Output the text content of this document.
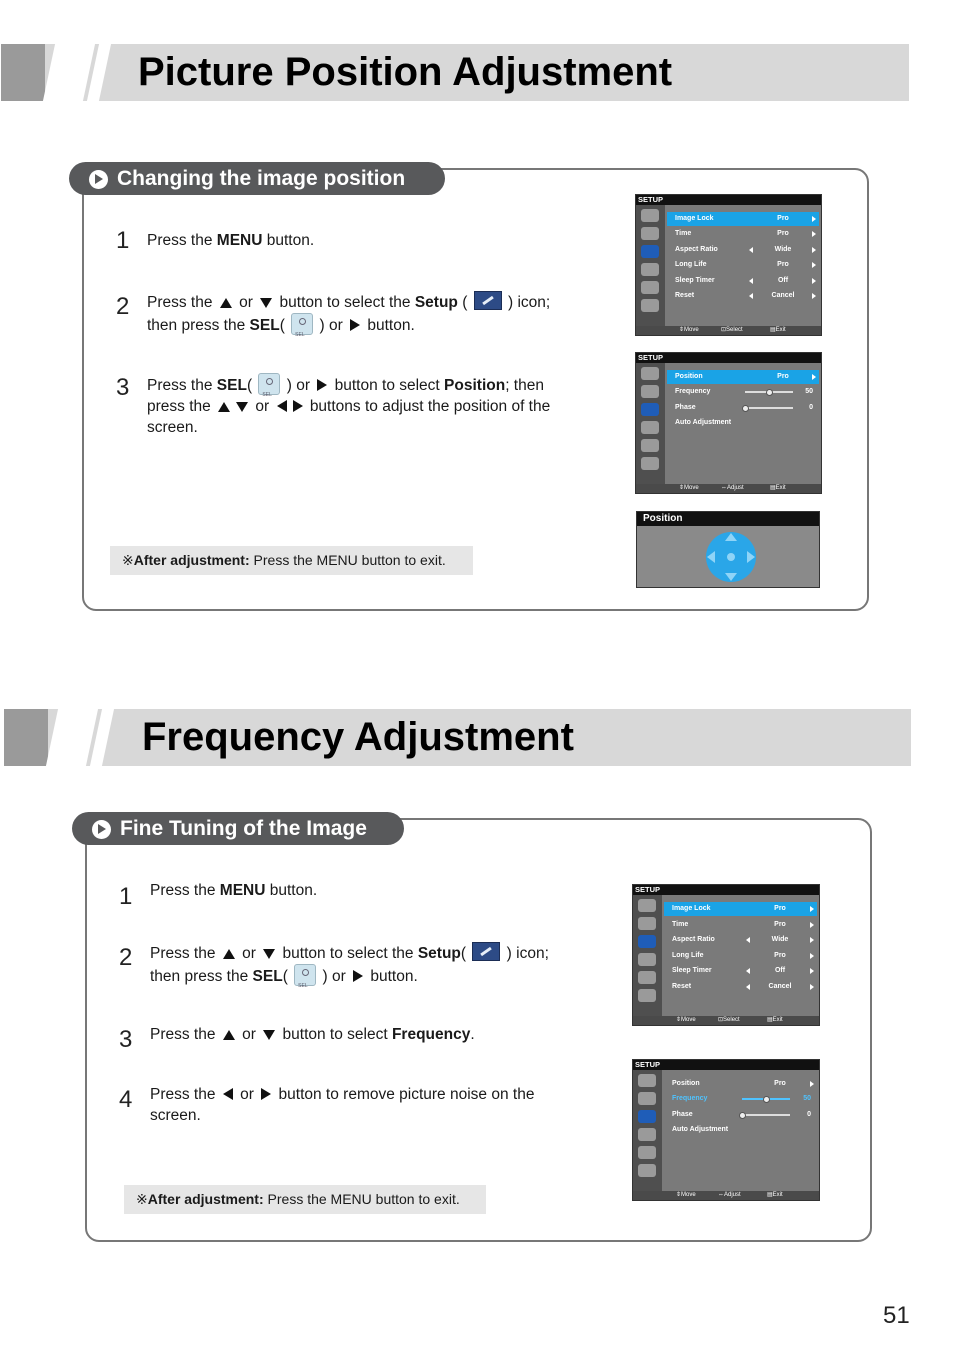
Picture Position Adjustment
Changing the image position
1 Press the MENU button.
2 Press the or button to select the Setup (  ) icon;
then press the SEL( SEL ) or button.
3 Press the SEL( SEL ) or button to select Position; then
press the	or	buttons to adjust the position of the
screen.
※After adjustment: Press the MENU button to exit.
SETUP
Image Lock	Pro
Time	Pro
Aspect Ratio	Wide
Long Life	Pro
Sleep Timer	Off
Reset	Cancel
⇕ Move	⊡ Select	▤ Exit
SETUP
Position	Pro
Frequency	50
Phase	0
Auto Adjustment
⇕ Move	⇔ Adjust	▤ Exit
Position
Frequency Adjustment
Fine Tuning of the Image
1 Press the MENU button.
2 Press the or button to select the Setup(  ) icon;
then press the SEL( SEL ) or button.
3 Press the or button to select Frequency.
4 Press the or button to remove picture noise on the
screen.
※After adjustment: Press the MENU button to exit.
SETUP
Image Lock	Pro
Time	Pro
Aspect Ratio	Wide
Long Life	Pro
Sleep Timer	Off
Reset	Cancel
⇕ Move	⊡ Select	▤ Exit
SETUP
Position	Pro
Frequency	50
Phase	0
Auto Adjustment
⇕ Move	⇔ Adjust	▤ Exit
51
